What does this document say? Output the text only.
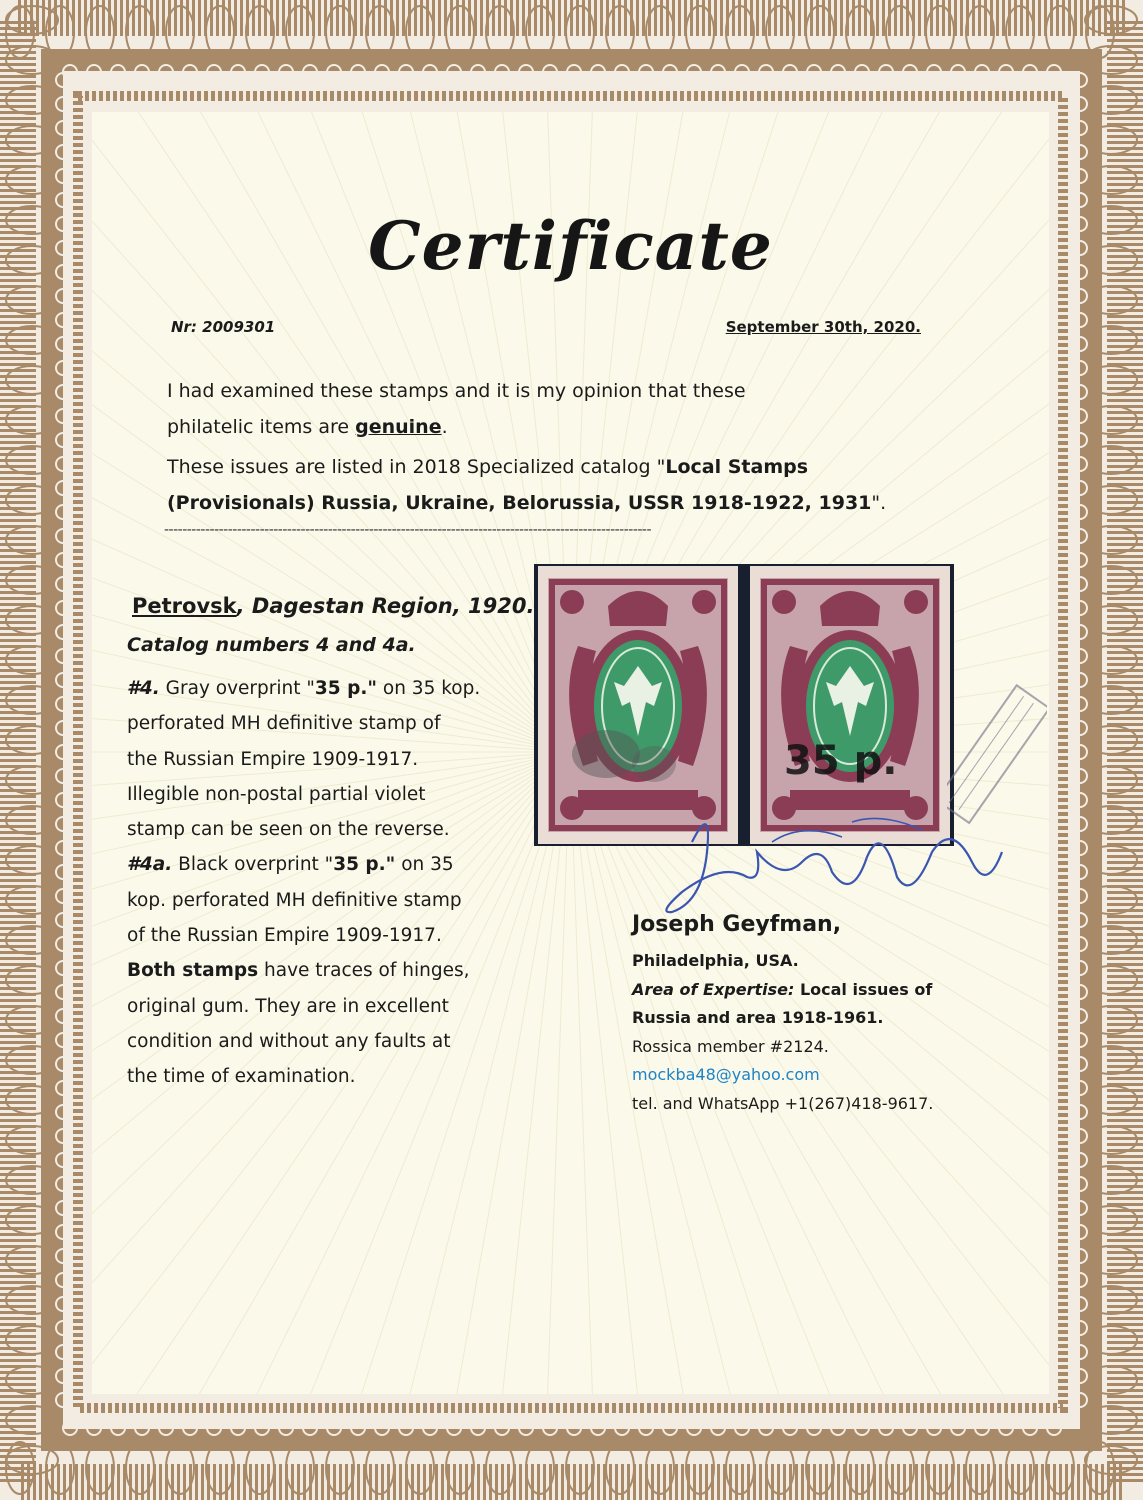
Certificate
Nr: 2009301	September 30th, 2020.
I had examined these stamps and it is my opinion that these
philatelic items are genuine.
These issues are listed in 2018 Specialized catalog "Local Stamps
(Provisionals) Russia, Ukraine, Belorussia, USSR 1918-1922, 1931".
-----------------------------------------------------------------------------------------------------------
Petrovsk, Dagestan Region, 1920.
Catalog numbers 4 and 4a.
#4. Gray overprint "35 p." on 35 kop.
perforated MH definitive stamp of
the Russian Empire 1909-1917.
Illegible non-postal partial violet
stamp can be seen on the reverse.
#4a. Black overprint "35 p." on 35
kop. perforated MH definitive stamp
of the Russian Empire 1909-1917.
Both stamps have traces of hinges,
original gum. They are in excellent
condition and without any faults at
the time of examination.
35 p.
Joseph Geyfman,
Philadelphia, USA.
Area of Expertise: Local issues of
Russia and area 1918-1961.
Rossica member #2124.
mockba48@yahoo.com
tel. and WhatsApp +1(267)418-9617.
